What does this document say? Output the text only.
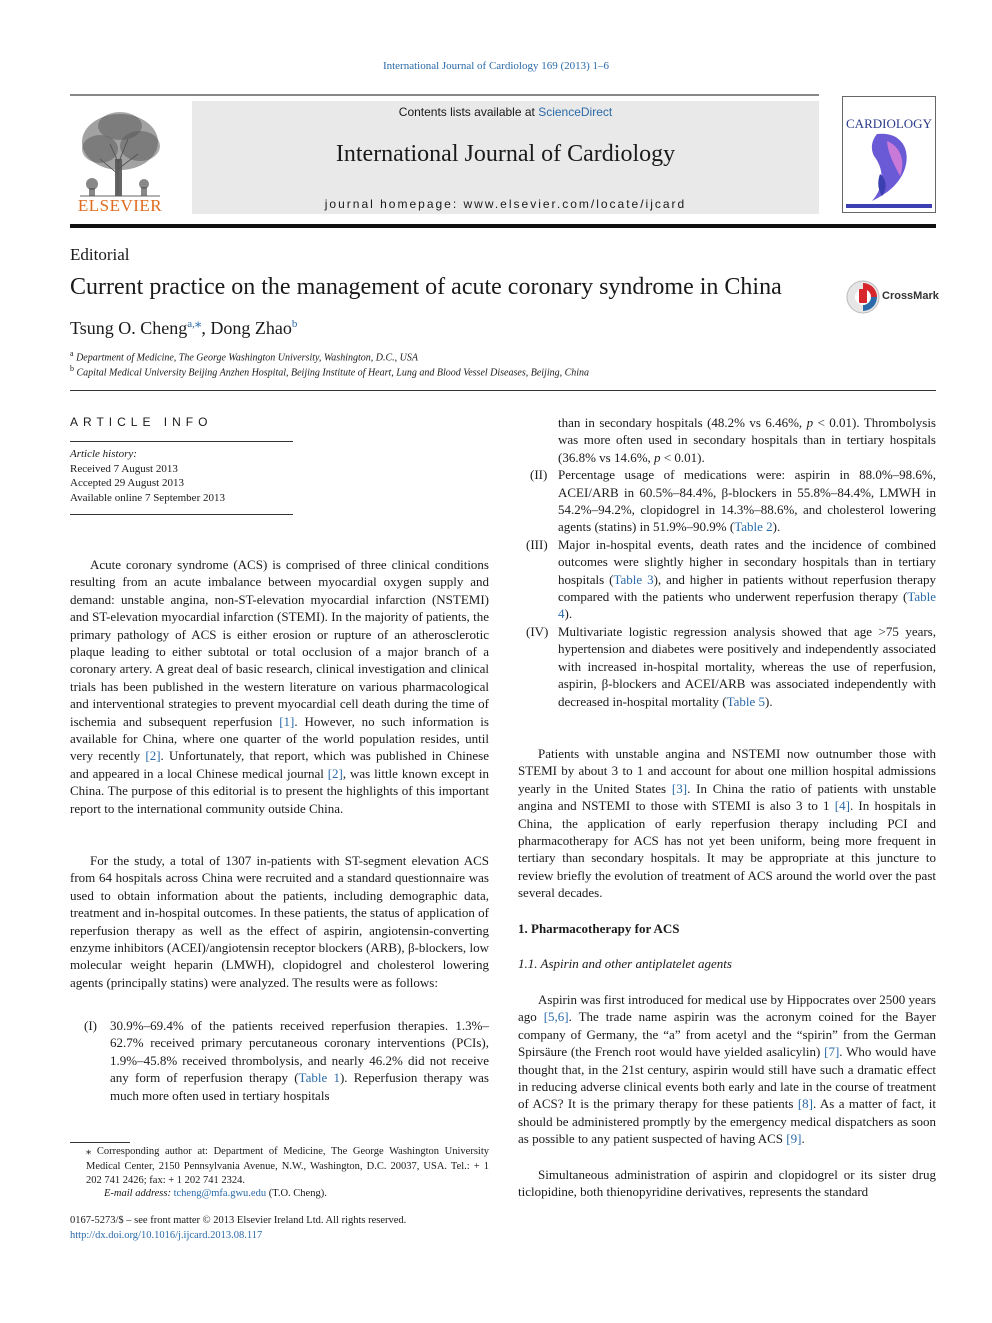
International Journal of Cardiology 169 (2013) 1–6
Contents lists available at ScienceDirect
International Journal of Cardiology
journal homepage: www.elsevier.com/locate/ijcard
ELSEVIER
CARDIOLOGY
Editorial
Current practice on the management of acute coronary syndrome in China	CrossMark
Tsung O. Cheng$^{a,⁎}$, Dong Zhao$^b$
$^a$ Department of Medicine, The George Washington University, Washington, D.C., USA
$^b$ Capital Medical University Beijing Anzhen Hospital, Beijing Institute of Heart, Lung and Blood Vessel Diseases, Beijing, China
ARTICLE INFO
Article history:
Received 7 August 2013
Accepted 29 August 2013
Available online 7 September 2013
Acute coronary syndrome (ACS) is comprised of three clinical conditions resulting from an acute imbalance between myocardial oxygen supply and demand: unstable angina, non-ST-elevation myocardial infarction (NSTEMI) and ST-elevation myocardial infarction (STEMI). In the majority of patients, the primary pathology of ACS is either erosion or rupture of an atherosclerotic plaque leading to either subtotal or total occlusion of a major branch of a coronary artery. A great deal of basic research, clinical investigation and clinical trials has been published in the western literature on various pharmacological and interventional strategies to prevent myocardial cell death during the time of ischemia and subsequent reperfusion [1]. However, no such information is available for China, where one quarter of the world population resides, until very recently [2]. Unfortunately, that report, which was published in Chinese and appeared in a local Chinese medical journal [2], was little known except in China. The purpose of this editorial is to present the highlights of this important report to the international community outside China.
For the study, a total of 1307 in-patients with ST-segment elevation ACS from 64 hospitals across China were recruited and a standard questionnaire was used to obtain information about the patients, including demographic data, treatment and in-hospital outcomes. In these patients, the status of application of reperfusion therapy as well as the effect of aspirin, angiotensin-converting enzyme inhibitors (ACEI)/angiotensin receptor blockers (ARB), β-blockers, low molecular weight heparin (LMWH), clopidogrel and cholesterol lowering agents (principally statins) were analyzed. The results were as follows:
(I) 30.9%–69.4% of the patients received reperfusion therapies. 1.3%–62.7% received primary percutaneous coronary interventions (PCIs), 1.9%–45.8% received thrombolysis, and nearly 46.2% did not receive any form of reperfusion therapy (Table 1). Reperfusion therapy was much more often used in tertiary hospitals
than in secondary hospitals (48.2% vs 6.46%, p < 0.01). Thrombolysis was more often used in secondary hospitals than in tertiary hospitals (36.8% vs 14.6%, p < 0.01).
(II) Percentage usage of medications were: aspirin in 88.0%–98.6%, ACEI/ARB in 60.5%–84.4%, β-blockers in 55.8%–84.4%, LMWH in 54.2%–94.2%, clopidogrel in 14.3%–88.6%, and cholesterol lowering agents (statins) in 51.9%–90.9% (Table 2).
(III) Major in-hospital events, death rates and the incidence of combined outcomes were slightly higher in secondary hospitals than in tertiary hospitals (Table 3), and higher in patients without reperfusion therapy compared with the patients who underwent reperfusion therapy (Table 4).
(IV) Multivariate logistic regression analysis showed that age >75 years, hypertension and diabetes were positively and independently associated with increased in-hospital mortality, whereas the use of reperfusion, aspirin, β-blockers and ACEI/ARB was associated independently with decreased in-hospital mortality (Table 5).
Patients with unstable angina and NSTEMI now outnumber those with STEMI by about 3 to 1 and account for about one million hospital admissions yearly in the United States [3]. In China the ratio of patients with unstable angina and NSTEMI to those with STEMI is also 3 to 1 [4]. In hospitals in China, the application of early reperfusion therapy including PCI and pharmacotherapy for ACS has not yet been uniform, being more frequent in tertiary than secondary hospitals. It may be appropriate at this juncture to review briefly the evolution of treatment of ACS around the world over the past several decades.
1. Pharmacotherapy for ACS
1.1. Aspirin and other antiplatelet agents
Aspirin was first introduced for medical use by Hippocrates over 2500 years ago [5,6]. The trade name aspirin was the acronym coined for the Bayer company of Germany, the “a” from acetyl and the “spirin” from the German Spirsäure (the French root would have yielded asalicylin) [7]. Who would have thought that, in the 21st century, aspirin would still have such a dramatic effect in reducing adverse clinical events both early and late in the course of treatment of ACS? It is the primary therapy for these patients [8]. As a matter of fact, it should be administered promptly by the emergency medical dispatchers as soon as possible to any patient suspected of having ACS [9].
Simultaneous administration of aspirin and clopidogrel or its sister drug ticlopidine, both thienopyridine derivatives, represents the standard
⁎ Corresponding author at: Department of Medicine, The George Washington University Medical Center, 2150 Pennsylvania Avenue, N.W., Washington, D.C. 20037, USA. Tel.: + 1 202 741 2426; fax: + 1 202 741 2324.
E-mail address: tcheng@mfa.gwu.edu (T.O. Cheng).
0167-5273/$ – see front matter © 2013 Elsevier Ireland Ltd. All rights reserved.
http://dx.doi.org/10.1016/j.ijcard.2013.08.117
